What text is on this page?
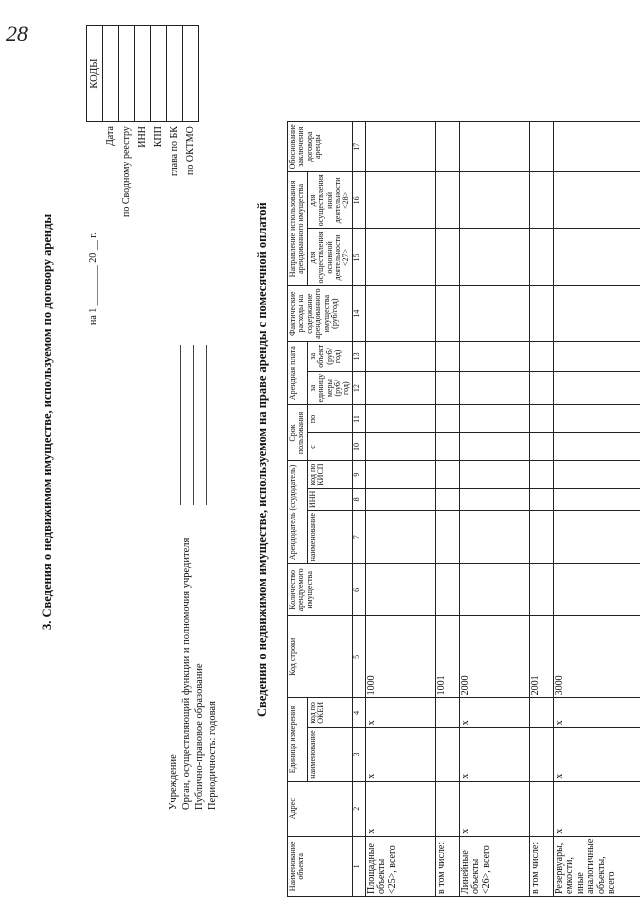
28
3. Сведения о недвижимом имуществе, используемом по договору аренды	на 1 ________ 20 __ г.
	КОДЫ
Дата	
по Сводному реестру	
ИНН	
КПП	
глава по БК	
по ОКТМО	
Учреждение Орган, осуществляющий функции и полномочия учредителя Публично-правовое образование Периодичность: годовая
Сведения о недвижимом имуществе, используемом на праве аренды с помесячной оплатой
Наименование объекта	Адрес	Единица измерения		Код строки	Количество арендуемого имущества	Арендодатель (ссудодатель)			Срок пользования		Арендная плата		Фактические расходы на содержание арендованного имущества (руб/год)	Направление использования арендованного имущества		Обоснование заключения договора аренды
		наименование	код по ОКЕИ			наименование	ИНН	код по КИСП	с	по	за единицу меры (руб/год)	за объект (руб/год)		для осуществления основной деятельности <27>	для осуществления иной деятельности <28>	
1	2	3	4	5	6	7	8	9	10	11	12	13	14	15	16	17
Площадные объекты <25>, всего	x	x	x	1000												
в том числе:				1001												
Линейные объекты <26>, всего	x	x	x	2000												
в том числе:				2001												
Резервуары, емкости, иные аналогичные объекты, всего	x	x	x	3000												
